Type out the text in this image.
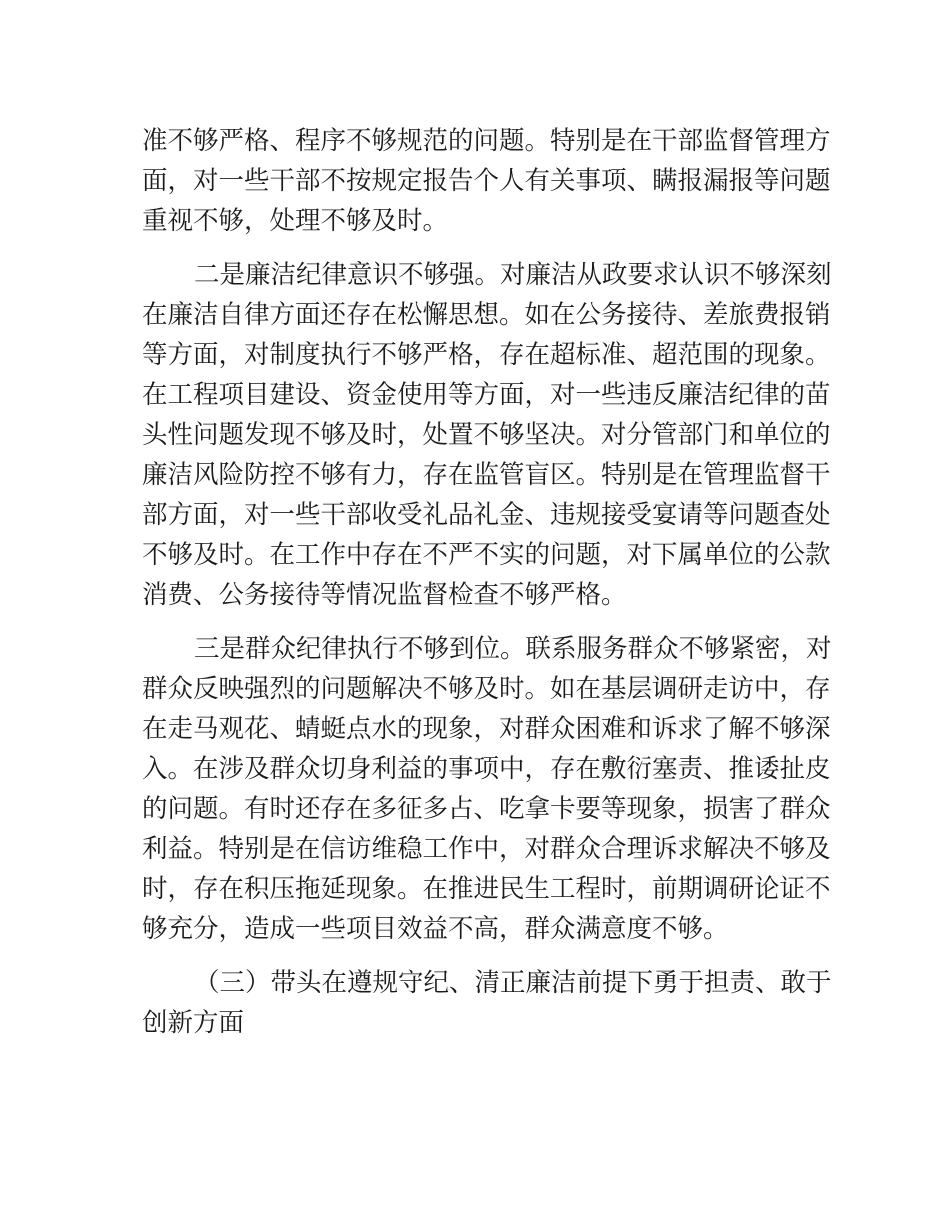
准不够严格、程序不够规范的问题。特别是在干部监督管理方
面，对一些干部不按规定报告个人有关事项、瞒报漏报等问题
重视不够，处理不够及时。
二是廉洁纪律意识不够强。对廉洁从政要求认识不够深刻
在廉洁自律方面还存在松懈思想。如在公务接待、差旅费报销
等方面，对制度执行不够严格，存在超标准、超范围的现象。
在工程项目建设、资金使用等方面，对一些违反廉洁纪律的苗
头性问题发现不够及时，处置不够坚决。对分管部门和单位的
廉洁风险防控不够有力，存在监管盲区。特别是在管理监督干
部方面，对一些干部收受礼品礼金、违规接受宴请等问题查处
不够及时。在工作中存在不严不实的问题，对下属单位的公款
消费、公务接待等情况监督检查不够严格。
三是群众纪律执行不够到位。联系服务群众不够紧密，对
群众反映强烈的问题解决不够及时。如在基层调研走访中，存
在走马观花、蜻蜓点水的现象，对群众困难和诉求了解不够深
入。在涉及群众切身利益的事项中，存在敷衍塞责、推诿扯皮
的问题。有时还存在多征多占、吃拿卡要等现象，损害了群众
利益。特别是在信访维稳工作中，对群众合理诉求解决不够及
时，存在积压拖延现象。在推进民生工程时，前期调研论证不
够充分，造成一些项目效益不高，群众满意度不够。
（三）带头在遵规守纪、清正廉洁前提下勇于担责、敢于
创新方面
